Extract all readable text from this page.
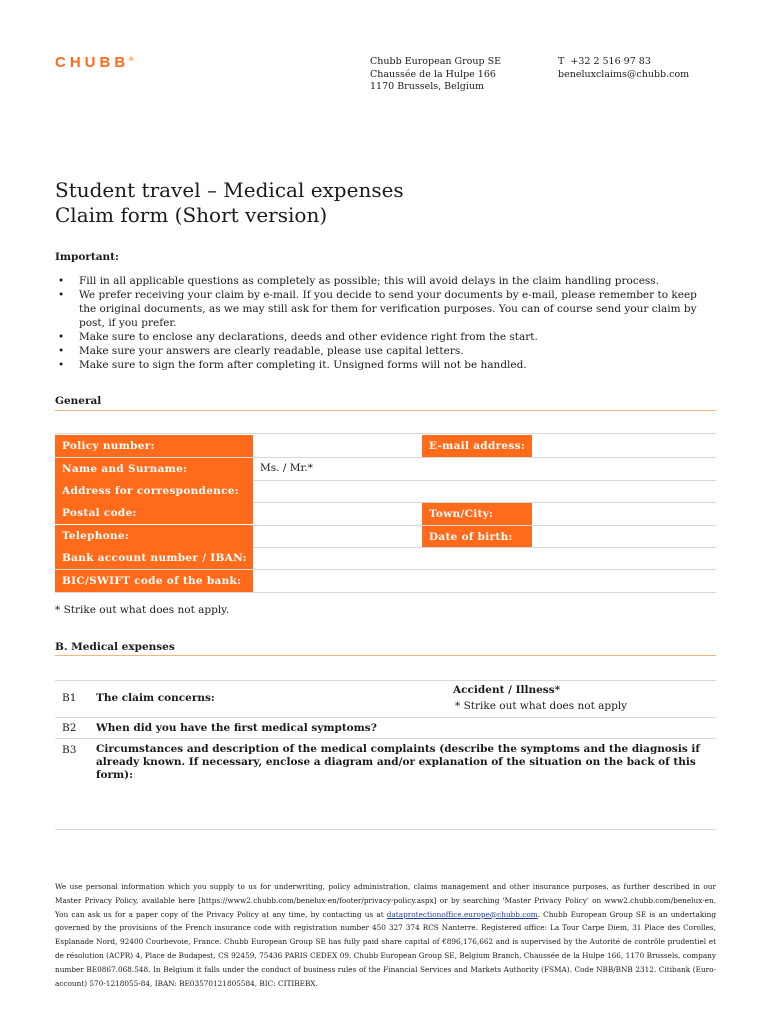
CHUBB®	Chubb European Group SE
Chaussée de la Hulpe 166
1170 Brussels, Belgium
T  +32 2 516 97 83
beneluxclaims@chubb.com
Student travel – Medical expenses
Claim form (Short version)
Important:
• Fill in all applicable questions as completely as possible; this will avoid delays in the claim handling process.
• We prefer receiving your claim by e-mail. If you decide to send your documents by e-mail, please remember to keep the original documents, as we may still ask for them for verification purposes. You can of course send your claim by post, if you prefer.
• Make sure to enclose any declarations, deeds and other evidence right from the start.
• Make sure your answers are clearly readable, please use capital letters.
• Make sure to sign the form after completing it. Unsigned forms will not be handled.
General
Policy number:	E-mail address:
Name and Surname:	Ms. / Mr.*
Address for correspondence:
Postal code:	Town/City:
Telephone:	Date of birth:
Bank account number / IBAN:
BIC/SWIFT code of the bank:
* Strike out what does not apply.
B. Medical expenses
B1 The claim concerns:
Accident / Illness*
* Strike out what does not apply
B2 When did you have the first medical symptoms?
B3 Circumstances and description of the medical complaints (describe the symptoms and the diagnosis if already known. If necessary, enclose a diagram and/or explanation of the situation on the back of this form):
We use personal information which you supply to us for underwriting, policy administration, claims management and other insurance purposes, as further described in our Master Privacy Policy, available here [https://www2.chubb.com/benelux-en/footer/privacy-policy.aspx] or by searching 'Master Privacy Policy' on www2.chubb.com/benelux-en. You can ask us for a paper copy of the Privacy Policy at any time, by contacting us at dataprotectionoffice.europe@chubb.com. Chubb European Group SE is an undertaking governed by the provisions of the French insurance code with registration number 450 327 374 RCS Nanterre. Registered office: La Tour Carpe Diem, 31 Place des Corolles, Esplanade Nord, 92400 Courbevoie, France. Chubb European Group SE has fully paid share capital of €896,176,662 and is supervised by the Autorité de contrôle prudentiel et de résolution (ACPR) 4, Place de Budapest, CS 92459, 75436 PARIS CEDEX 09. Chubb European Group SE, Belgium Branch, Chaussée de la Hulpe 166, 1170 Brussels, company number BE0867.068.548. In Belgium it falls under the conduct of business rules of the Financial Services and Markets Authority (FSMA). Code NBB/BNB 2312. Citibank (Euro-account) 570-1218055-84, IBAN: BE03570121805584, BIC: CITIBEBX.
